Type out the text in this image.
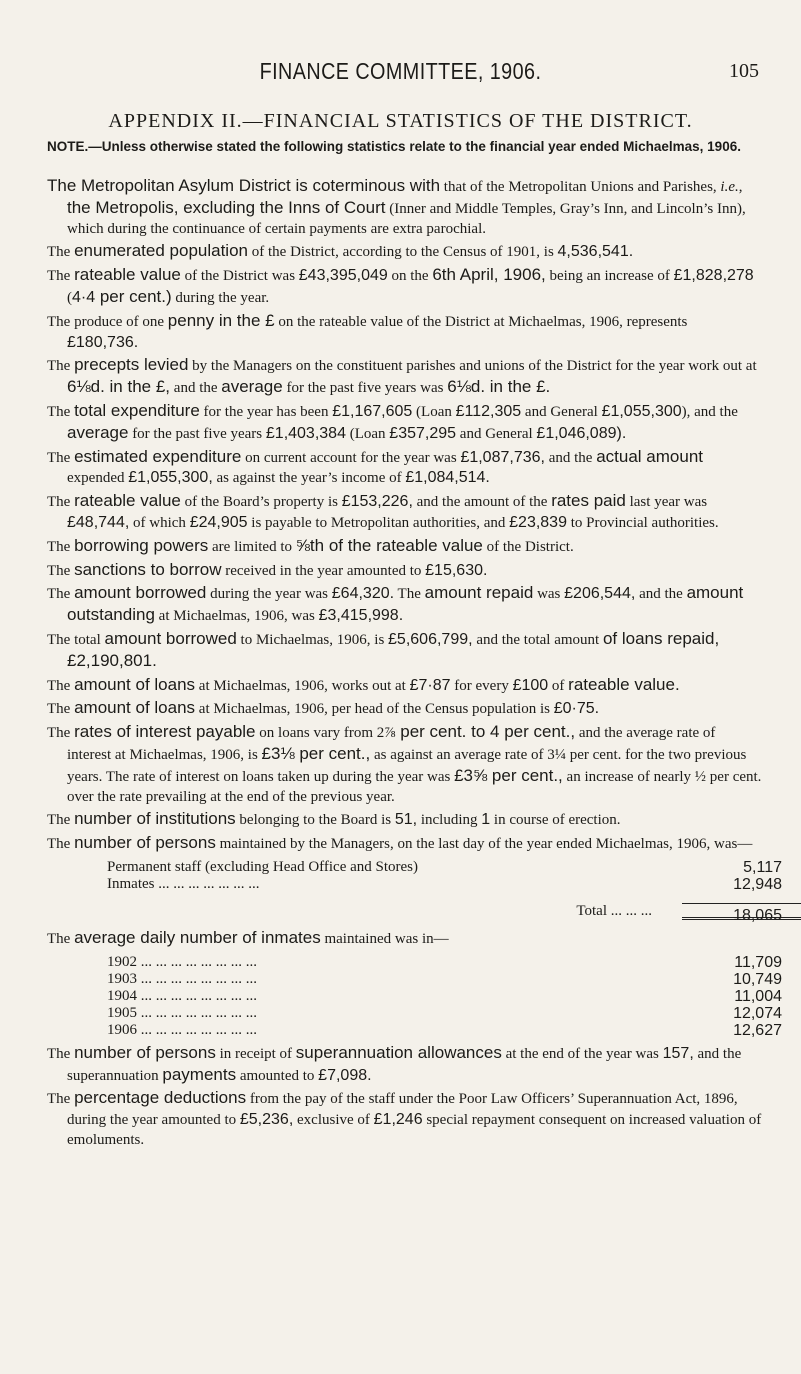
FINANCE COMMITTEE, 1906.	105
APPENDIX II.—FINANCIAL STATISTICS OF THE DISTRICT.
NOTE.—Unless otherwise stated the following statistics relate to the financial year ended Michaelmas, 1906.

The Metropolitan Asylum District is coterminous with that of the Metropolitan Unions and Parishes, i.e., the Metropolis, excluding the Inns of Court (Inner and Middle Temples, Gray’s Inn, and Lincoln’s Inn), which during the continuance of certain payments are extra parochial.

The enumerated population of the District, according to the Census of 1901, is 4,536,541.

The rateable value of the District was £43,395,049 on the 6th April, 1906, being an increase of £1,828,278 (4·4 per cent.) during the year.

The produce of one penny in the £ on the rateable value of the District at Michaelmas, 1906, represents £180,736.

The precepts levied by the Managers on the constituent parishes and unions of the District for the year work out at 6⅛d. in the £, and the average for the past five years was 6⅛d. in the £.

The total expenditure for the year has been £1,167,605 (Loan £112,305 and General £1,055,300), and the average for the past five years £1,403,384 (Loan £357,295 and General £1,046,089).

The estimated expenditure on current account for the year was £1,087,736, and the actual amount expended £1,055,300, as against the year’s income of £1,084,514.

The rateable value of the Board’s property is £153,226, and the amount of the rates paid last year was £48,744, of which £24,905 is payable to Metropolitan authorities, and £23,839 to Provincial authorities.

The borrowing powers are limited to ⅝th of the rateable value of the District.

The sanctions to borrow received in the year amounted to £15,630.

The amount borrowed during the year was £64,320. The amount repaid was £206,544, and the amount outstanding at Michaelmas, 1906, was £3,415,998.

The total amount borrowed to Michaelmas, 1906, is £5,606,799, and the total amount of loans repaid, £2,190,801.

The amount of loans at Michaelmas, 1906, works out at £7·87 for every £100 of rateable value.

The amount of loans at Michaelmas, 1906, per head of the Census population is £0·75.

The rates of interest payable on loans vary from 2⅞ per cent. to 4 per cent., and the average rate of interest at Michaelmas, 1906, is £3⅛ per cent., as against an average rate of 3¼ per cent. for the two previous years. The rate of interest on loans taken up during the year was £3⅝ per cent., an increase of nearly ½ per cent. over the rate prevailing at the end of the previous year.

The number of institutions belonging to the Board is 51, including 1 in course of erection.

The number of persons maintained by the Managers, on the last day of the year ended Michaelmas, 1906, was—

Permanent staff (excluding Head Office and Stores)	5,117
Inmates ... ... ... ... ... ... ...	12,948
Total ... ... ...	18,065

The average daily number of inmates maintained was in—

1902 ... ... ... ... ... ... ... ...	11,709
1903 ... ... ... ... ... ... ... ...	10,749
1904 ... ... ... ... ... ... ... ...	11,004
1905 ... ... ... ... ... ... ... ...	12,074
1906 ... ... ... ... ... ... ... ...	12,627

The number of persons in receipt of superannuation allowances at the end of the year was 157, and the superannuation payments amounted to £7,098.

The percentage deductions from the pay of the staff under the Poor Law Officers’ Superannuation Act, 1896, during the year amounted to £5,236, exclusive of £1,246 special repayment consequent on increased valuation of emoluments.
